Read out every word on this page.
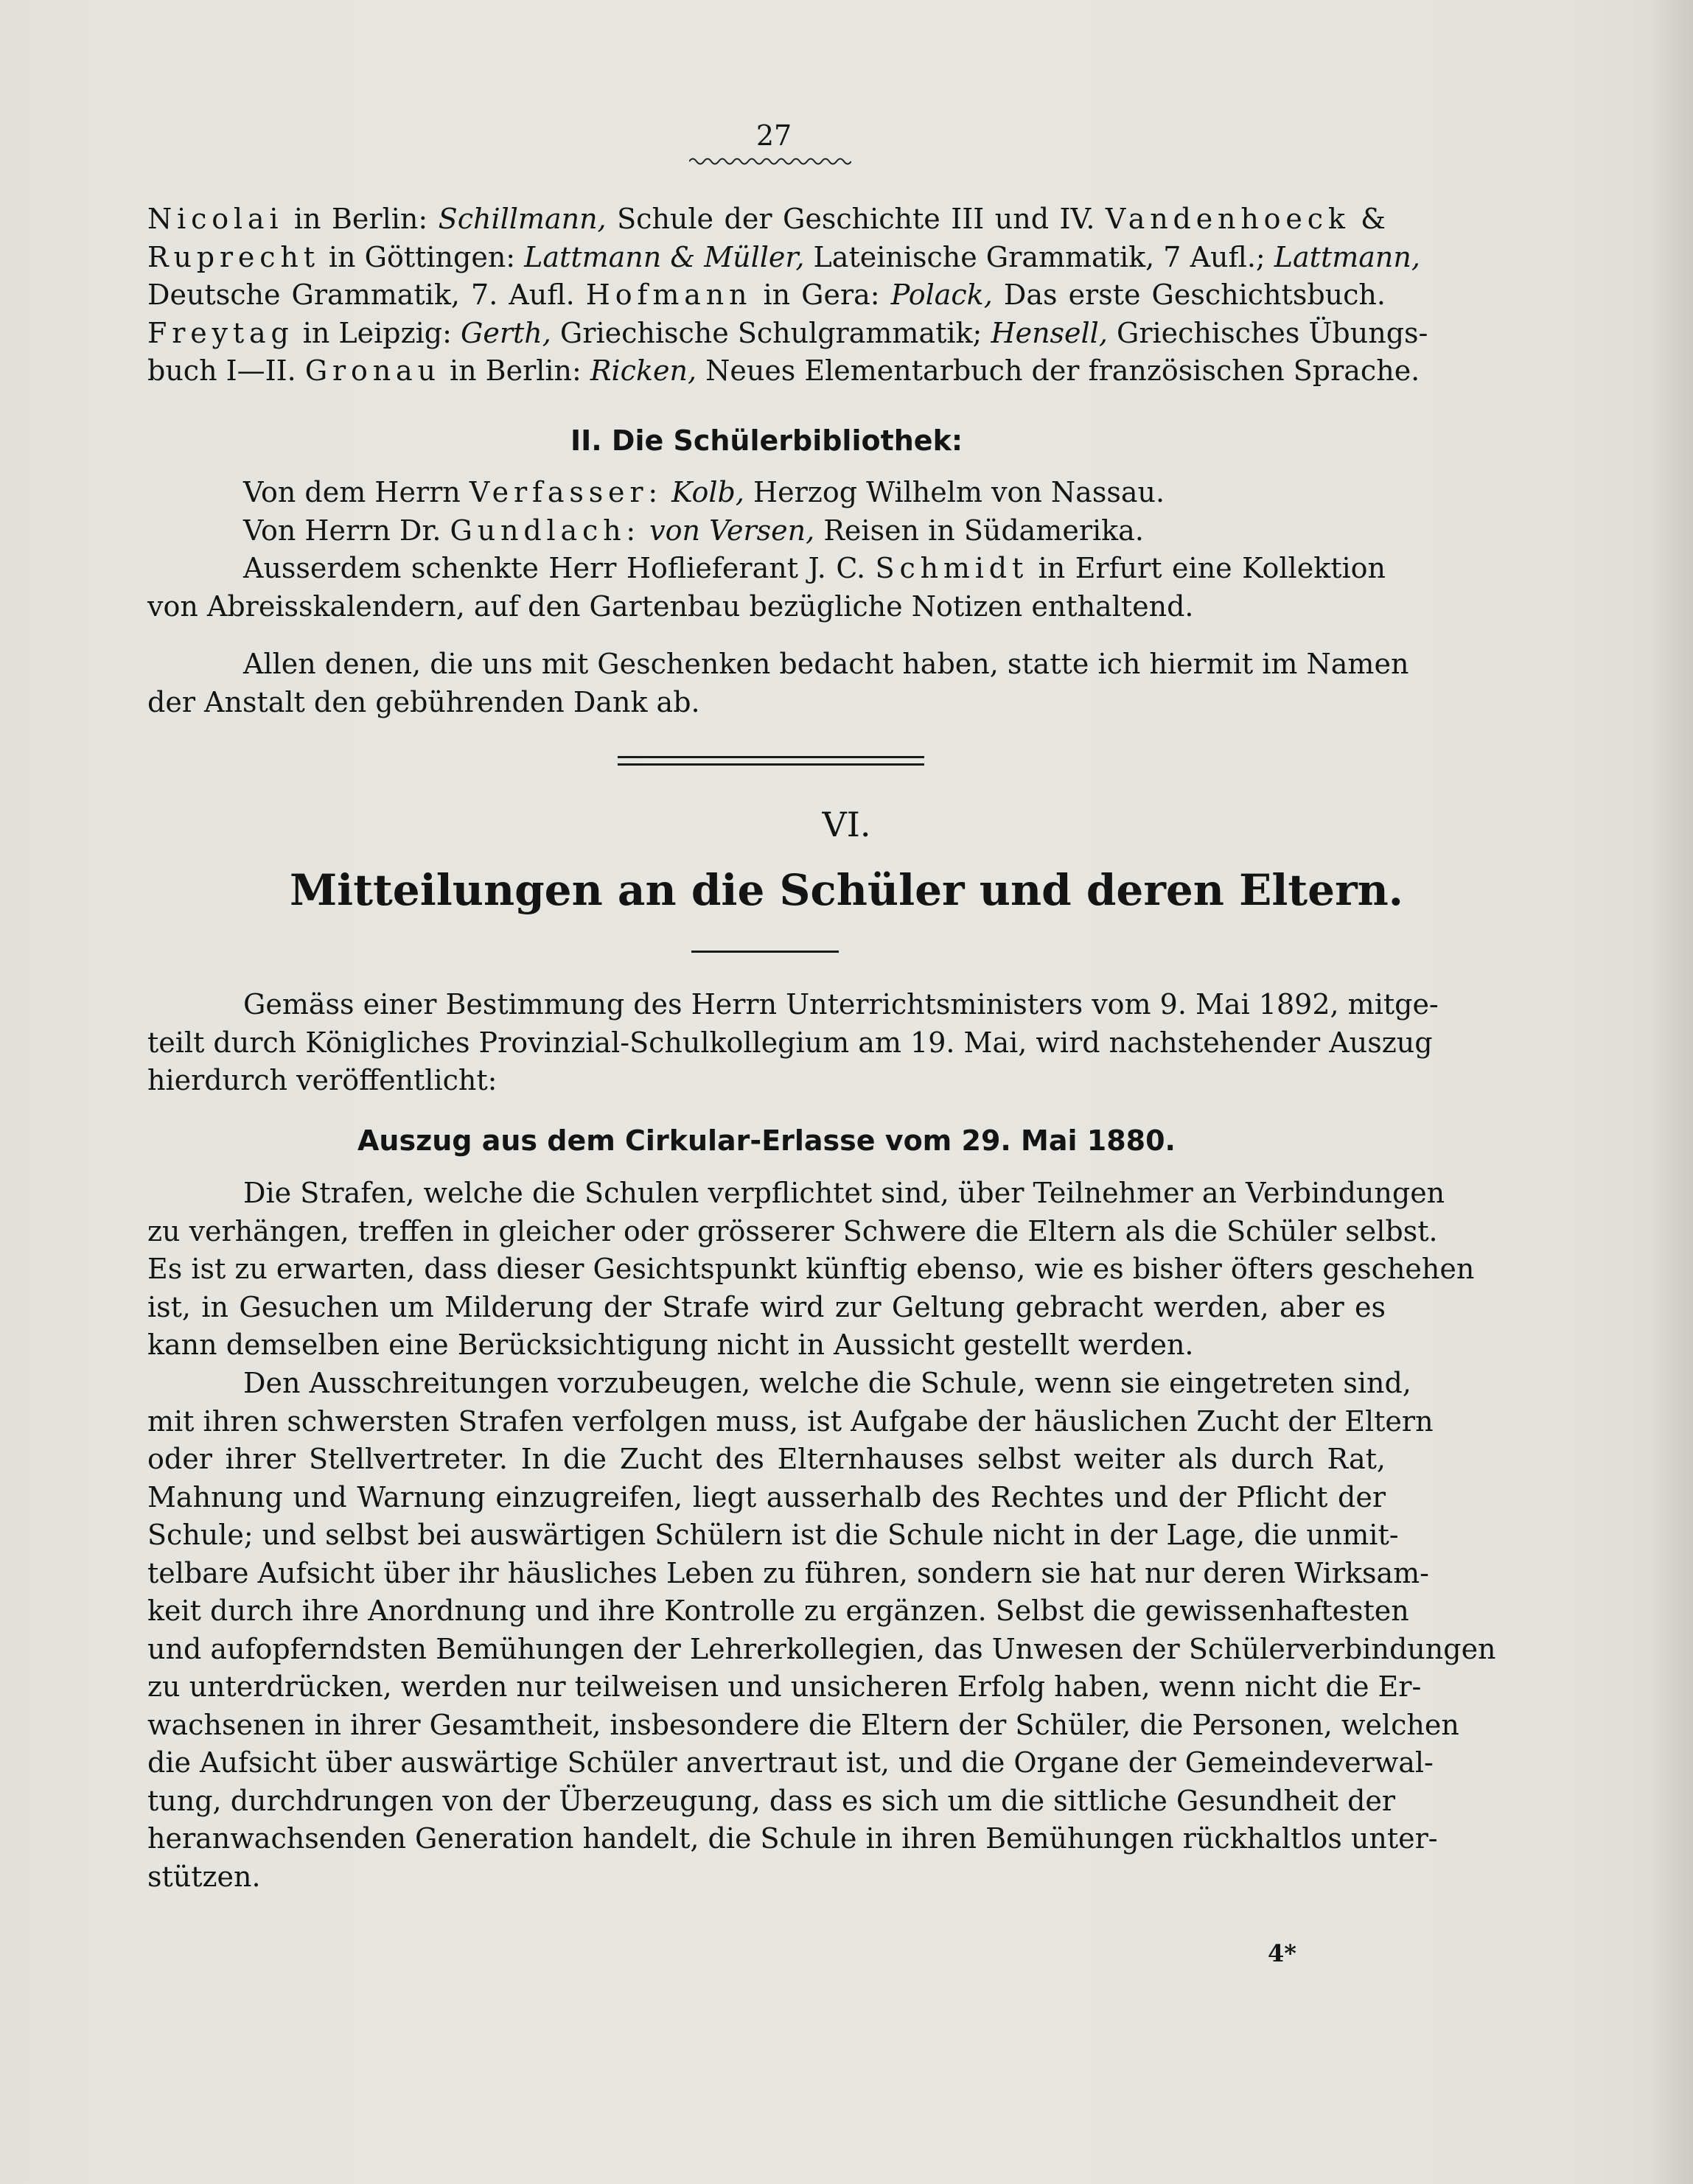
27
Nicolai in Berlin: Schillmann, Schule der Geschichte III und IV. Vandenhoeck &
Ruprecht in Göttingen: Lattmann & Müller, Lateinische Grammatik, 7 Aufl.; Lattmann,
Deutsche Grammatik, 7. Aufl. Hofmann in Gera: Polack, Das erste Geschichtsbuch.
Freytag in Leipzig: Gerth, Griechische Schulgrammatik; Hensell, Griechisches Übungs-
buch I—II. Gronau in Berlin: Ricken, Neues Elementarbuch der französischen Sprache.
II. Die Schülerbibliothek:
Von dem Herrn Verfasser: Kolb, Herzog Wilhelm von Nassau.
Von Herrn Dr. Gundlach: von Versen, Reisen in Südamerika.
Ausserdem schenkte Herr Hoflieferant J. C. Schmidt in Erfurt eine Kollektion
von Abreisskalendern, auf den Gartenbau bezügliche Notizen enthaltend.
Allen denen, die uns mit Geschenken bedacht haben, statte ich hiermit im Namen
der Anstalt den gebührenden Dank ab.
VI.
Mitteilungen an die Schüler und deren Eltern.
Gemäss einer Bestimmung des Herrn Unterrichtsministers vom 9. Mai 1892, mitge-
teilt durch Königliches Provinzial-Schulkollegium am 19. Mai, wird nachstehender Auszug
hierdurch veröffentlicht:
Auszug aus dem Cirkular-Erlasse vom 29. Mai 1880.
Die Strafen, welche die Schulen verpflichtet sind, über Teilnehmer an Verbindungen
zu verhängen, treffen in gleicher oder grösserer Schwere die Eltern als die Schüler selbst.
Es ist zu erwarten, dass dieser Gesichtspunkt künftig ebenso, wie es bisher öfters geschehen
ist, in Gesuchen um Milderung der Strafe wird zur Geltung gebracht werden, aber es
kann demselben eine Berücksichtigung nicht in Aussicht gestellt werden.
Den Ausschreitungen vorzubeugen, welche die Schule, wenn sie eingetreten sind,
mit ihren schwersten Strafen verfolgen muss, ist Aufgabe der häuslichen Zucht der Eltern
oder ihrer Stellvertreter. In die Zucht des Elternhauses selbst weiter als durch Rat,
Mahnung und Warnung einzugreifen, liegt ausserhalb des Rechtes und der Pflicht der
Schule; und selbst bei auswärtigen Schülern ist die Schule nicht in der Lage, die unmit-
telbare Aufsicht über ihr häusliches Leben zu führen, sondern sie hat nur deren Wirksam-
keit durch ihre Anordnung und ihre Kontrolle zu ergänzen. Selbst die gewissenhaftesten
und aufopferndsten Bemühungen der Lehrerkollegien, das Unwesen der Schülerverbindungen
zu unterdrücken, werden nur teilweisen und unsicheren Erfolg haben, wenn nicht die Er-
wachsenen in ihrer Gesamtheit, insbesondere die Eltern der Schüler, die Personen, welchen
die Aufsicht über auswärtige Schüler anvertraut ist, und die Organe der Gemeindeverwal-
tung, durchdrungen von der Überzeugung, dass es sich um die sittliche Gesundheit der
heranwachsenden Generation handelt, die Schule in ihren Bemühungen rückhaltlos unter-
stützen.
4*
